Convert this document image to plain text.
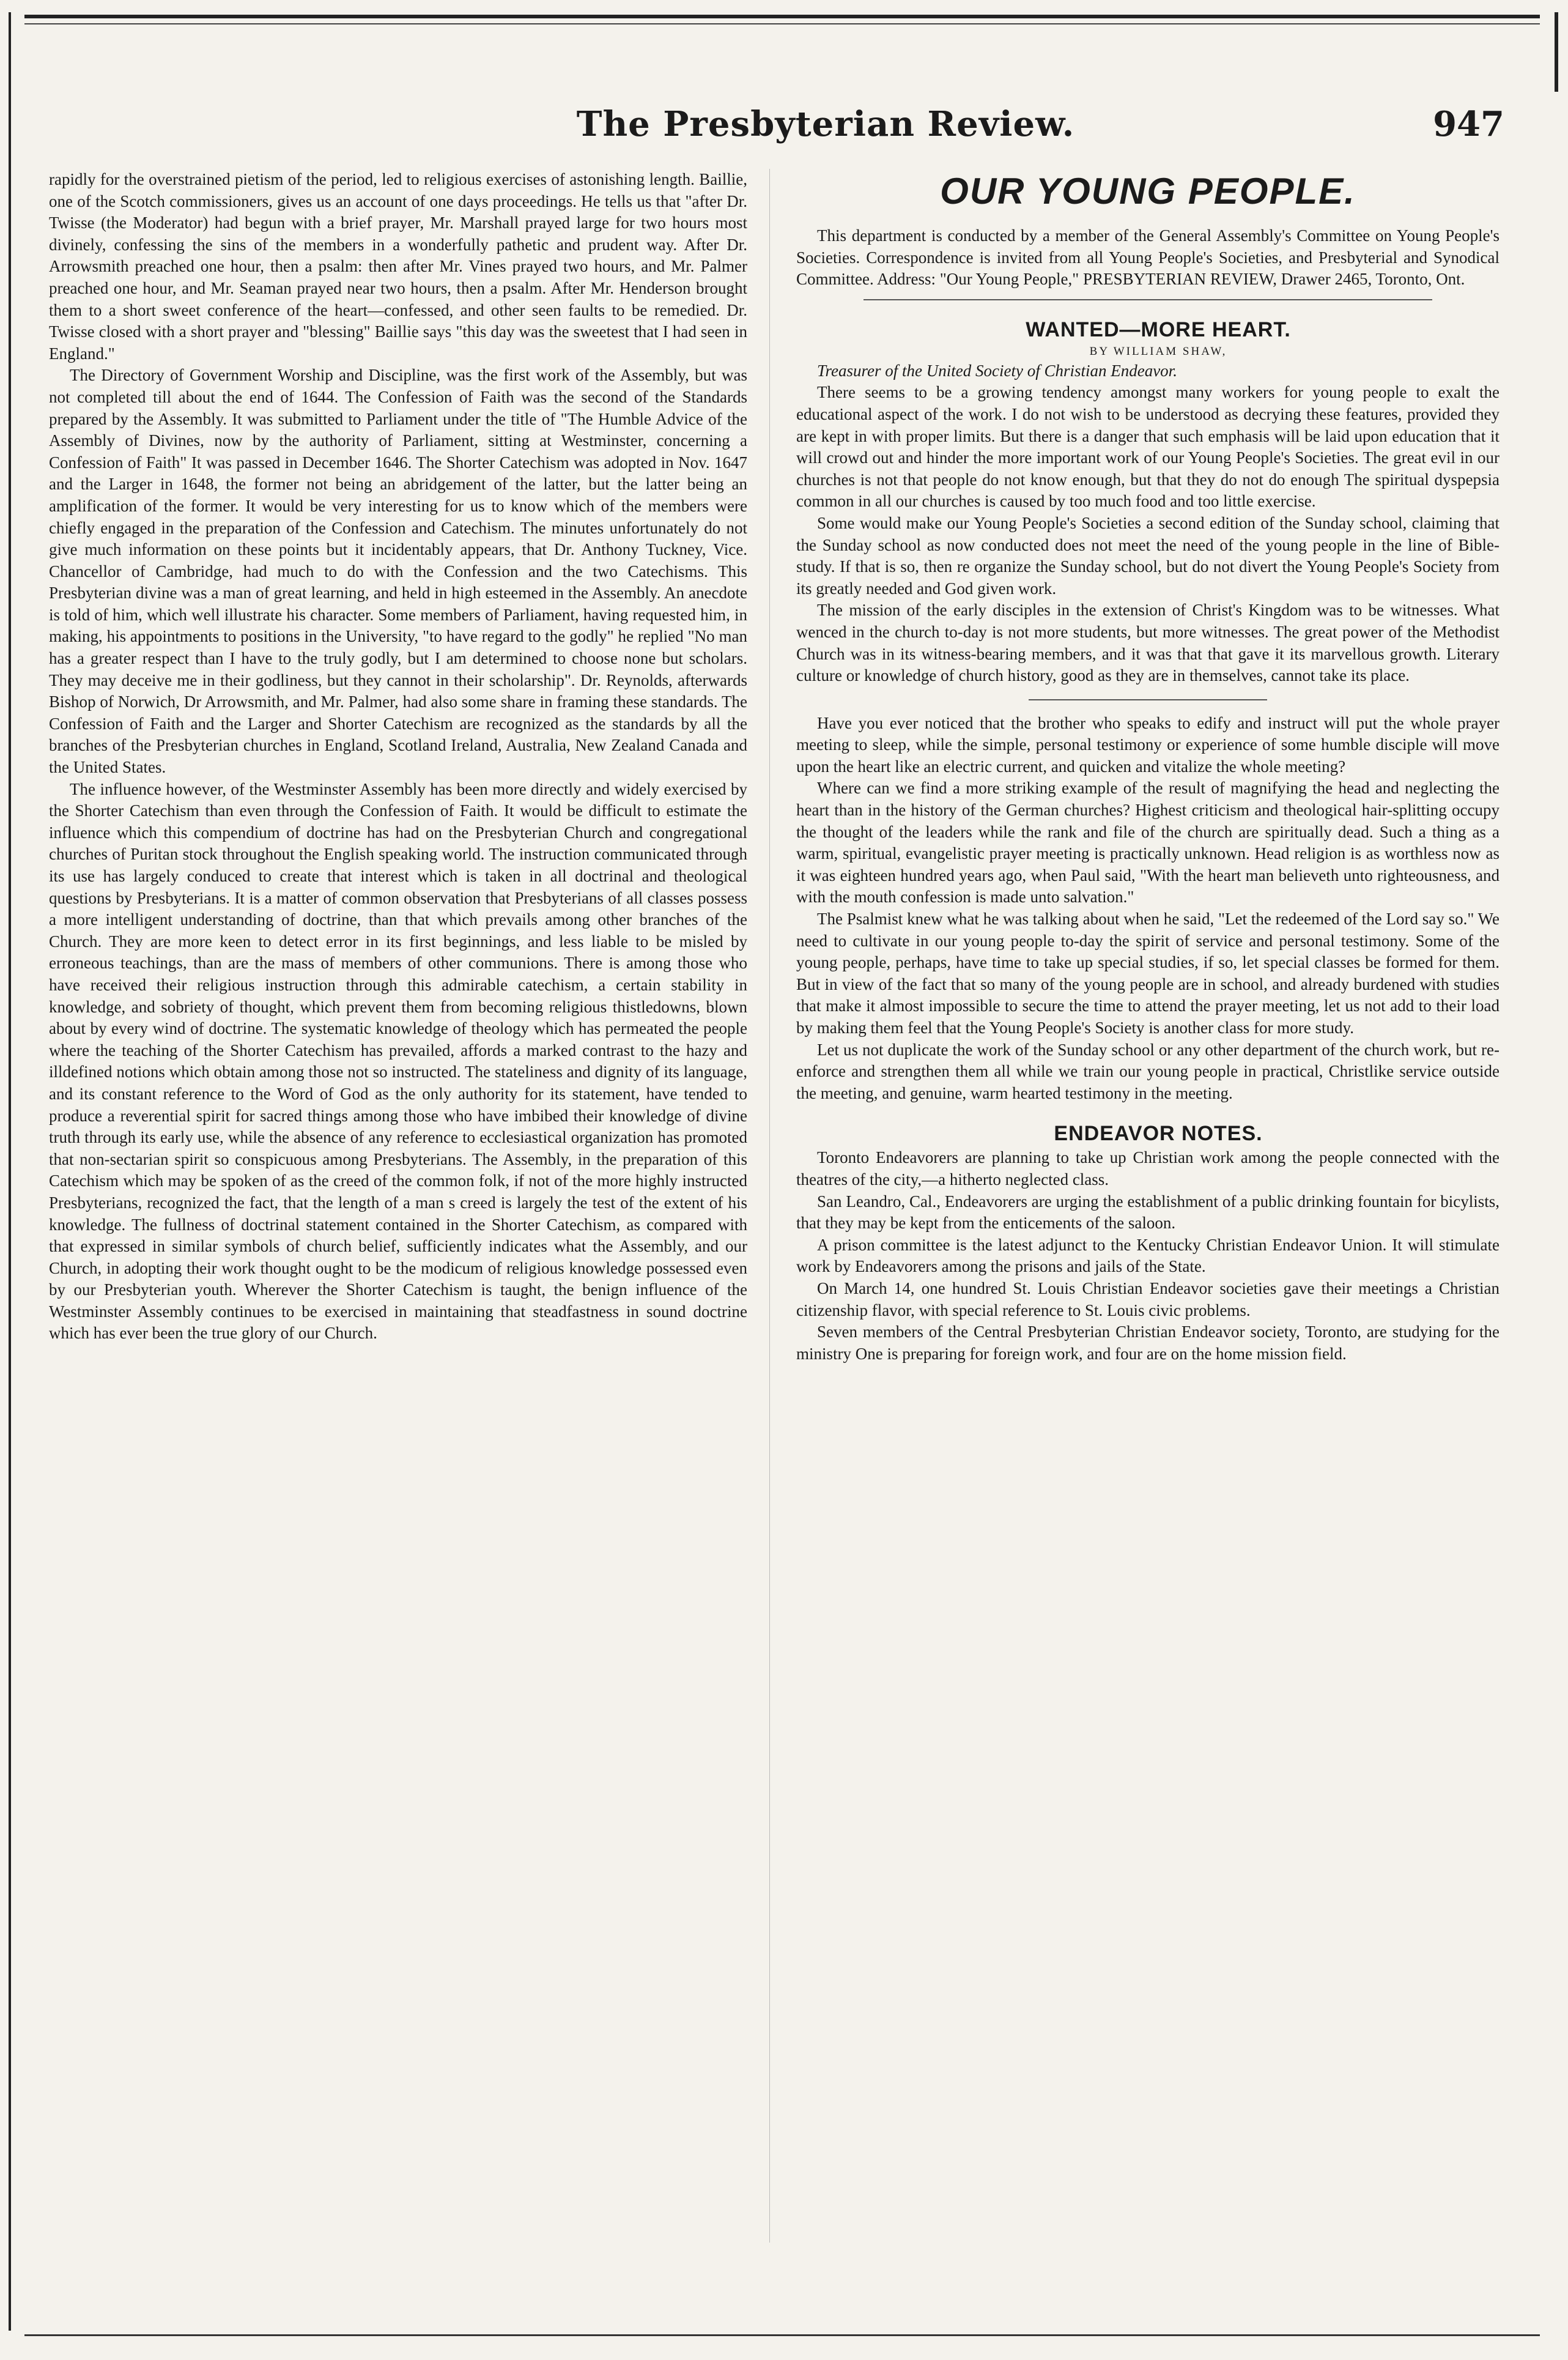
The Presbyterian Review.	947

rapidly for the overstrained pietism of the period, led to religious exercises of astonishing length. Baillie, one of the Scotch commissioners, gives us an account of one days proceedings. He tells us that "after Dr. Twisse (the Moderator) had begun with a brief prayer, Mr. Marshall prayed large for two hours most divinely, confessing the sins of the members in a wonderfully pathetic and prudent way. After Dr. Arrowsmith preached one hour, then a psalm: then after Mr. Vines prayed two hours, and Mr. Palmer preached one hour, and Mr. Seaman prayed near two hours, then a psalm. After Mr. Henderson brought them to a short sweet conference of the heart—confessed, and other seen faults to be remedied. Dr. Twisse closed with a short prayer and "blessing" Baillie says "this day was the sweetest that I had seen in England."

The Directory of Government Worship and Discipline, was the first work of the Assembly, but was not completed till about the end of 1644. The Confession of Faith was the second of the Standards prepared by the Assembly. It was submitted to Parliament under the title of "The Humble Advice of the Assembly of Divines, now by the authority of Parliament, sitting at Westminster, concerning a Confession of Faith" It was passed in December 1646. The Shorter Catechism was adopted in Nov. 1647 and the Larger in 1648, the former not being an abridgement of the latter, but the latter being an amplification of the former. It would be very interesting for us to know which of the members were chiefly engaged in the preparation of the Confession and Catechism. The minutes unfortunately do not give much information on these points but it incidentably appears, that Dr. Anthony Tuckney, Vice. Chancellor of Cambridge, had much to do with the Confession and the two Catechisms. This Presbyterian divine was a man of great learning, and held in high esteemed in the Assembly. An anecdote is told of him, which well illustrate his character. Some members of Parliament, having requested him, in making, his appointments to positions in the University, "to have regard to the godly" he replied "No man has a greater respect than I have to the truly godly, but I am determined to choose none but scholars. They may deceive me in their godliness, but they cannot in their scholarship". Dr. Reynolds, afterwards Bishop of Norwich, Dr Arrowsmith, and Mr. Palmer, had also some share in framing these standards. The Confession of Faith and the Larger and Shorter Catechism are recognized as the standards by all the branches of the Presbyterian churches in England, Scotland Ireland, Australia, New Zealand Canada and the United States.

The influence however, of the Westminster Assembly has been more directly and widely exercised by the Shorter Catechism than even through the Confession of Faith. It would be difficult to estimate the influence which this compendium of doctrine has had on the Presbyterian Church and congregational churches of Puritan stock throughout the English speaking world. The instruction communicated through its use has largely conduced to create that interest which is taken in all doctrinal and theological questions by Presbyterians. It is a matter of common observation that Presbyterians of all classes possess a more intelligent understanding of doctrine, than that which prevails among other branches of the Church. They are more keen to detect error in its first beginnings, and less liable to be misled by erroneous teachings, than are the mass of members of other communions. There is among those who have received their religious instruction through this admirable catechism, a certain stability in knowledge, and sobriety of thought, which prevent them from becoming religious thistledowns, blown about by every wind of doctrine. The systematic knowledge of theology which has permeated the people where the teaching of the Shorter Catechism has prevailed, affords a marked contrast to the hazy and illdefined notions which obtain among those not so instructed. The stateliness and dignity of its language, and its constant reference to the Word of God as the only authority for its statement, have tended to produce a reverential spirit for sacred things among those who have imbibed their knowledge of divine truth through its early use, while the absence of any reference to ecclesiastical organization has promoted that non-sectarian spirit so conspicuous among Presbyterians. The Assembly, in the preparation of this Catechism which may be spoken of as the creed of the common folk, if not of the more highly instructed Presbyterians, recognized the fact, that the length of a man s creed is largely the test of the extent of his knowledge. The fullness of doctrinal statement contained in the Shorter Catechism, as compared with that expressed in similar symbols of church belief, sufficiently indicates what the Assembly, and our Church, in adopting their work thought ought to be the modicum of religious knowledge possessed even by our Presbyterian youth. Wherever the Shorter Catechism is taught, the benign influence of the Westminster Assembly continues to be exercised in maintaining that steadfastness in sound doctrine which has ever been the true glory of our Church.

OUR YOUNG PEOPLE.

This department is conducted by a member of the General Assembly's Committee on Young People's Societies. Correspondence is invited from all Young People's Societies, and Presbyterial and Synodical Committee. Address: "Our Young People," PRESBYTERIAN REVIEW, Drawer 2465, Toronto, Ont.

WANTED—MORE HEART.

BY WILLIAM SHAW,

Treasurer of the United Society of Christian Endeavor.

There seems to be a growing tendency amongst many workers for young people to exalt the educational aspect of the work. I do not wish to be understood as decrying these features, provided they are kept in with proper limits. But there is a danger that such emphasis will be laid upon education that it will crowd out and hinder the more important work of our Young People's Societies. The great evil in our churches is not that people do not know enough, but that they do not do enough The spiritual dyspepsia common in all our churches is caused by too much food and too little exercise.

Some would make our Young People's Societies a second edition of the Sunday school, claiming that the Sunday school as now conducted does not meet the need of the young people in the line of Bible-study. If that is so, then re organize the Sunday school, but do not divert the Young People's Society from its greatly needed and God given work.

The mission of the early disciples in the extension of Christ's Kingdom was to be witnesses. What wenced in the church to-day is not more students, but more witnesses. The great power of the Methodist Church was in its witness-bearing members, and it was that that gave it its marvellous growth. Literary culture or knowledge of church history, good as they are in themselves, cannot take its place.

Have you ever noticed that the brother who speaks to edify and instruct will put the whole prayer meeting to sleep, while the simple, personal testimony or experience of some humble disciple will move upon the heart like an electric current, and quicken and vitalize the whole meeting?

Where can we find a more striking example of the result of magnifying the head and neglecting the heart than in the history of the German churches? Highest criticism and theological hair-splitting occupy the thought of the leaders while the rank and file of the church are spiritually dead. Such a thing as a warm, spiritual, evangelistic prayer meeting is practically unknown. Head religion is as worthless now as it was eighteen hundred years ago, when Paul said, "With the heart man believeth unto righteousness, and with the mouth confession is made unto salvation."

The Psalmist knew what he was talking about when he said, "Let the redeemed of the Lord say so." We need to cultivate in our young people to-day the spirit of service and personal testimony. Some of the young people, perhaps, have time to take up special studies, if so, let special classes be formed for them. But in view of the fact that so many of the young people are in school, and already burdened with studies that make it almost impossible to secure the time to attend the prayer meeting, let us not add to their load by making them feel that the Young People's Society is another class for more study.

Let us not duplicate the work of the Sunday school or any other department of the church work, but re-enforce and strengthen them all while we train our young people in practical, Christlike service outside the meeting, and genuine, warm hearted testimony in the meeting.

ENDEAVOR NOTES.

Toronto Endeavorers are planning to take up Christian work among the people connected with the theatres of the city,—a hitherto neglected class.

San Leandro, Cal., Endeavorers are urging the establishment of a public drinking fountain for bicylists, that they may be kept from the enticements of the saloon.

A prison committee is the latest adjunct to the Kentucky Christian Endeavor Union. It will stimulate work by Endeavorers among the prisons and jails of the State.

On March 14, one hundred St. Louis Christian Endeavor societies gave their meetings a Christian citizenship flavor, with special reference to St. Louis civic problems.

Seven members of the Central Presbyterian Christian Endeavor society, Toronto, are studying for the ministry One is preparing for foreign work, and four are on the home mission field.
